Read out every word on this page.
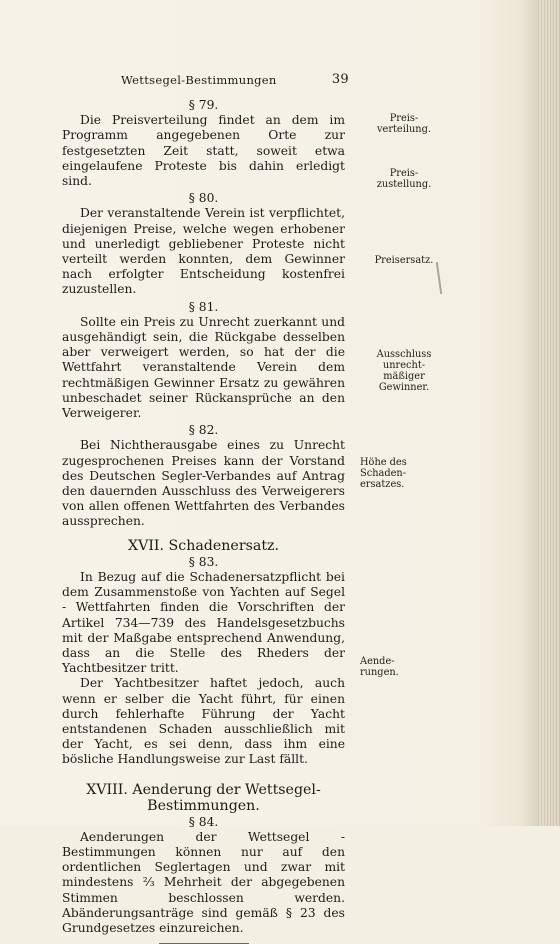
Wettsegel-Bestimmungen	39

§ 79.

Die Preisverteilung findet an dem im Programm angegebenen Orte zur festgesetzten Zeit statt, soweit etwa eingelaufene Proteste bis dahin erledigt sind.

§ 80.

Der veranstaltende Verein ist verpflichtet, diejenigen Preise, welche wegen erhobener und unerledigt gebliebener Proteste nicht verteilt werden konnten, dem Gewinner nach erfolgter Entscheidung kostenfrei zuzustellen.

§ 81.

Sollte ein Preis zu Unrecht zuerkannt und ausgehändigt sein, die Rückgabe desselben aber verweigert werden, so hat der die Wettfahrt veranstaltende Verein dem rechtmäßigen Gewinner Ersatz zu gewähren unbeschadet seiner Rückansprüche an den Verweigerer.

§ 82.

Bei Nichtherausgabe eines zu Unrecht zugesprochenen Preises kann der Vorstand des Deutschen Segler-Verbandes auf Antrag den dauernden Ausschluss des Verweigerers von allen offenen Wettfahrten des Verbandes aussprechen.

XVII. Schadenersatz.

§ 83.

In Bezug auf die Schadenersatzpflicht bei dem Zusammenstoße von Yachten auf Segel - Wettfahrten finden die Vorschriften der Artikel 734—739 des Handelsgesetzbuchs mit der Maßgabe entsprechend Anwendung, dass an die Stelle des Rheders der Yachtbesitzer tritt.

Der Yachtbesitzer haftet jedoch, auch wenn er selber die Yacht führt, für einen durch fehlerhafte Führung der Yacht entstandenen Schaden ausschließlich mit der Yacht, es sei denn, dass ihm eine bösliche Handlungsweise zur Last fällt.

XVIII. Aenderung der Wettsegel-
Bestimmungen.

§ 84.

Aenderungen der Wettsegel - Bestimmungen können nur auf den ordentlichen Seglertagen und zwar mit mindestens ⅔ Mehrheit der abgegebenen Stimmen beschlossen werden. Abänderungsanträge sind gemäß § 23 des Grundgesetzes einzureichen.

Preis-
verteilung.
Preis-
zustellung.
Preisersatz.
Ausschluss
unrecht-
mäßiger
Gewinner.
Höhe des
Schaden-
ersatzes.
Aende-
rungen.
